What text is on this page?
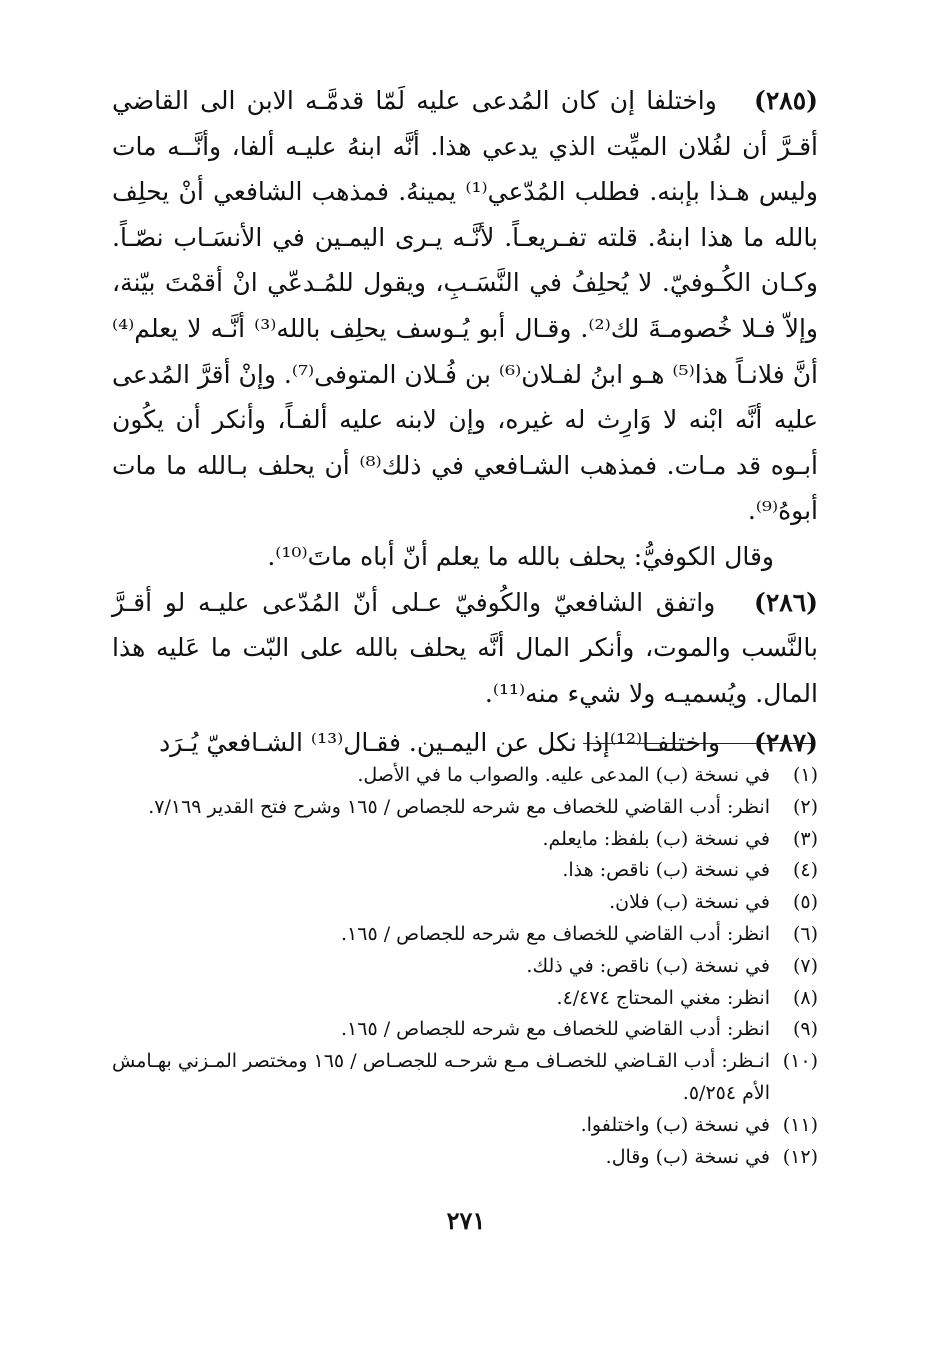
(٢٨٥) واختلفا إن كان المُدعى عليه لَمّا قدمَّـه الابن الى القاضي أقـرَّ أن لفُلان الميِّت الذي يدعي هذا. أنَّه ابنهُ عليـه ألفا، وأنَّــه مات وليس هـذا بإبنه. فطلب المُدّعي⁽¹⁾ يمينهُ. فمذهب الشافعي أنْ يحلِف بالله ما هذا ابنهُ. قلته تفـريعـاً. لأنَّـه يـرى اليمـين في الأنسَـاب نصّـاً. وكـان الكُـوفيّ. لا يُحلِفُ في النَّسَـبِ، ويقول للمُـدعّي انْ أقمْتَ بيّنة، وإلاّ فـلا خُصومـةَ لك⁽²⁾. وقـال أبو يُـوسف يحلِف بالله⁽³⁾ أنَّـه لا يعلم⁽⁴⁾ أنَّ فلانـاً هذا⁽⁵⁾ هـو ابنُ لفـلان⁽⁶⁾ بن فُـلان المتوفى⁽⁷⁾. وإنْ أقرَّ المُدعى عليه أنَّه ابْنه لا وَارِث له غيره، وإن لابنه عليه ألفـاً، وأنكر أن يكُون أبـوه قد مـات. فمذهب الشـافعي في ذلك⁽⁸⁾ أن يحلف بـالله ما مات أبوهُ⁽⁹⁾.

وقال الكوفيُّ: يحلف بالله ما يعلم أنّ أباه ماتَ⁽¹⁰⁾.

(٢٨٦) واتفق الشافعيّ والكُوفيّ عـلى أنّ المُدّعى عليـه لو أقـرَّ بالنَّسب والموت، وأنكر المال أنَّه يحلف بالله على البّت ما عَليه هذا المال. ويُسميـه ولا شيء منه⁽¹¹⁾.

(٢٨٧) واختلفـا⁽¹²⁾إذا نكل عن اليمـين. فقـال⁽¹³⁾ الشـافعيّ يُـرَد

(١)
في نسخة (ب) المدعى عليه. والصواب ما في الأصل.
(٢)
انظر: أدب القاضي للخصاف مع شرحه للجصاص / ١٦٥ وشرح فتح القدير ٧/١٦٩.
(٣)
في نسخة (ب) بلفظ: مايعلم.
(٤)
في نسخة (ب) ناقص: هذا.
(٥)
في نسخة (ب) فلان.
(٦)
انظر: أدب القاضي للخصاف مع شرحه للجصاص / ١٦٥.
(٧)
في نسخة (ب) ناقص: في ذلك.
(٨)
انظر: مغني المحتاج ٤/٤٧٤.
(٩)
انظر: أدب القاضي للخصاف مع شرحه للجصاص / ١٦٥.
(١٠)
انـظر: أدب القـاضي للخصـاف مـع شرحـه للجصـاص / ١٦٥ ومختصر المـزني بهـامش الأم ٥/٢٥٤.
(١١)
في نسخة (ب) واختلفوا.
(١٢)
في نسخة (ب) وقال.
٢٧١
